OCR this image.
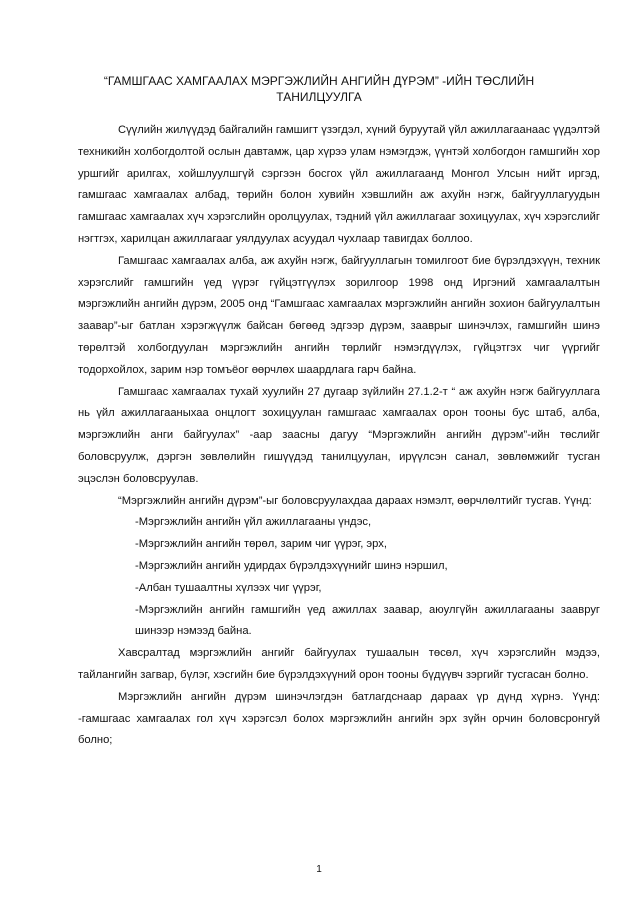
“ГАМШГААС ХАМГААЛАХ МЭРГЭЖЛИЙН АНГИЙН ДҮРЭМ” -ИЙН ТӨСЛИЙН
ТАНИЛЦУУЛГА

Сүүлийн жилүүдэд байгалийн гамшигт үзэгдэл, хүний буруутай үйл ажиллагаанаас үүдэлтэй техникийн холбогдолтой ослын давтамж, цар хүрээ улам нэмэгдэж, үүнтэй холбогдон гамшгийн хор уршгийг арилгах, хойшлуулшгүй сэргээн босгох үйл ажиллагаанд Монгол Улсын нийт иргэд, гамшгаас хамгаалах албад, төрийн болон хувийн хэвшлийн аж ахуйн нэгж, байгууллагуудын гамшгаас хамгаалах хүч хэрэгслийн оролцуулах, тэдний үйл ажиллагааг зохицуулах, хүч хэрэгслийг нэгтгэх, харилцан ажиллагааг уялдуулах асуудал чухлаар тавигдах боллоо.

Гамшгаас хамгаалах алба, аж ахуйн нэгж, байгууллагын томилгоот бие бүрэлдэхүүн, техник хэрэгслийг гамшгийн үед үүрэг гүйцэтгүүлэх зорилгоор 1998 онд Иргэний хамгаалалтын мэргэжлийн ангийн дүрэм, 2005 онд “Гамшгаас хамгаалах мэргэжлийн ангийн зохион байгуулалтын заавар”-ыг батлан хэрэгжүүлж байсан бөгөөд эдгээр дүрэм, зааврыг шинэчлэх, гамшгийн шинэ төрөлтэй холбогдуулан мэргэжлийн ангийн төрлийг нэмэгдүүлэх, гүйцэтгэх чиг үүргийг тодорхойлох, зарим нэр томъёог өөрчлөх шаардлага гарч байна.

Гамшгаас хамгаалах тухай хуулийн 27 дугаар зүйлийн 27.1.2-т “ аж ахуйн нэгж байгууллага нь үйл ажиллагааныхаа онцлогт зохицуулан гамшгаас хамгаалах орон тооны бус штаб, алба, мэргэжлийн анги байгуулах” -аар заасны дагуу “Мэргэжлийн ангийн дүрэм”-ийн төслийг боловсруулж, дэргэн зөвлөлийн гишүүдэд танилцуулан, ирүүлсэн санал, зөвлөмжийг тусган эцэслэн боловсруулав.

“Мэргэжлийн ангийн дүрэм”-ыг боловсруулахдаа дараах нэмэлт, өөрчлөлтийг тусгав. Үүнд:

-Мэргэжлийн ангийн үйл ажиллагааны үндэс,
-Мэргэжлийн ангийн төрөл, зарим чиг үүрэг, эрх,
-Мэргэжлийн ангийн удирдах бүрэлдэхүүнийг шинэ нэршил,
-Албан тушаалтны хүлээх чиг үүрэг,
-Мэргэжлийн ангийн гамшгийн үед ажиллах заавар, аюулгүйн ажиллагааны заавруг шинээр нэмээд байна.

Хавсралтад мэргэжлийн ангийг байгуулах тушаалын төсөл, хүч хэрэгслийн мэдээ, тайлангийн загвар, бүлэг, хэсгийн бие бүрэлдэхүүний орон тооны бүдүүвч зэргийг тусгасан болно.

Мэргэжлийн ангийн дүрэм шинэчлэгдэн батлагдснаар дараах үр дүнд хүрнэ. Үүнд: -гамшгаас хамгаалах гол хүч хэрэгсэл болох мэргэжлийн ангийн эрх зүйн орчин боловсронгуй болно;

1
